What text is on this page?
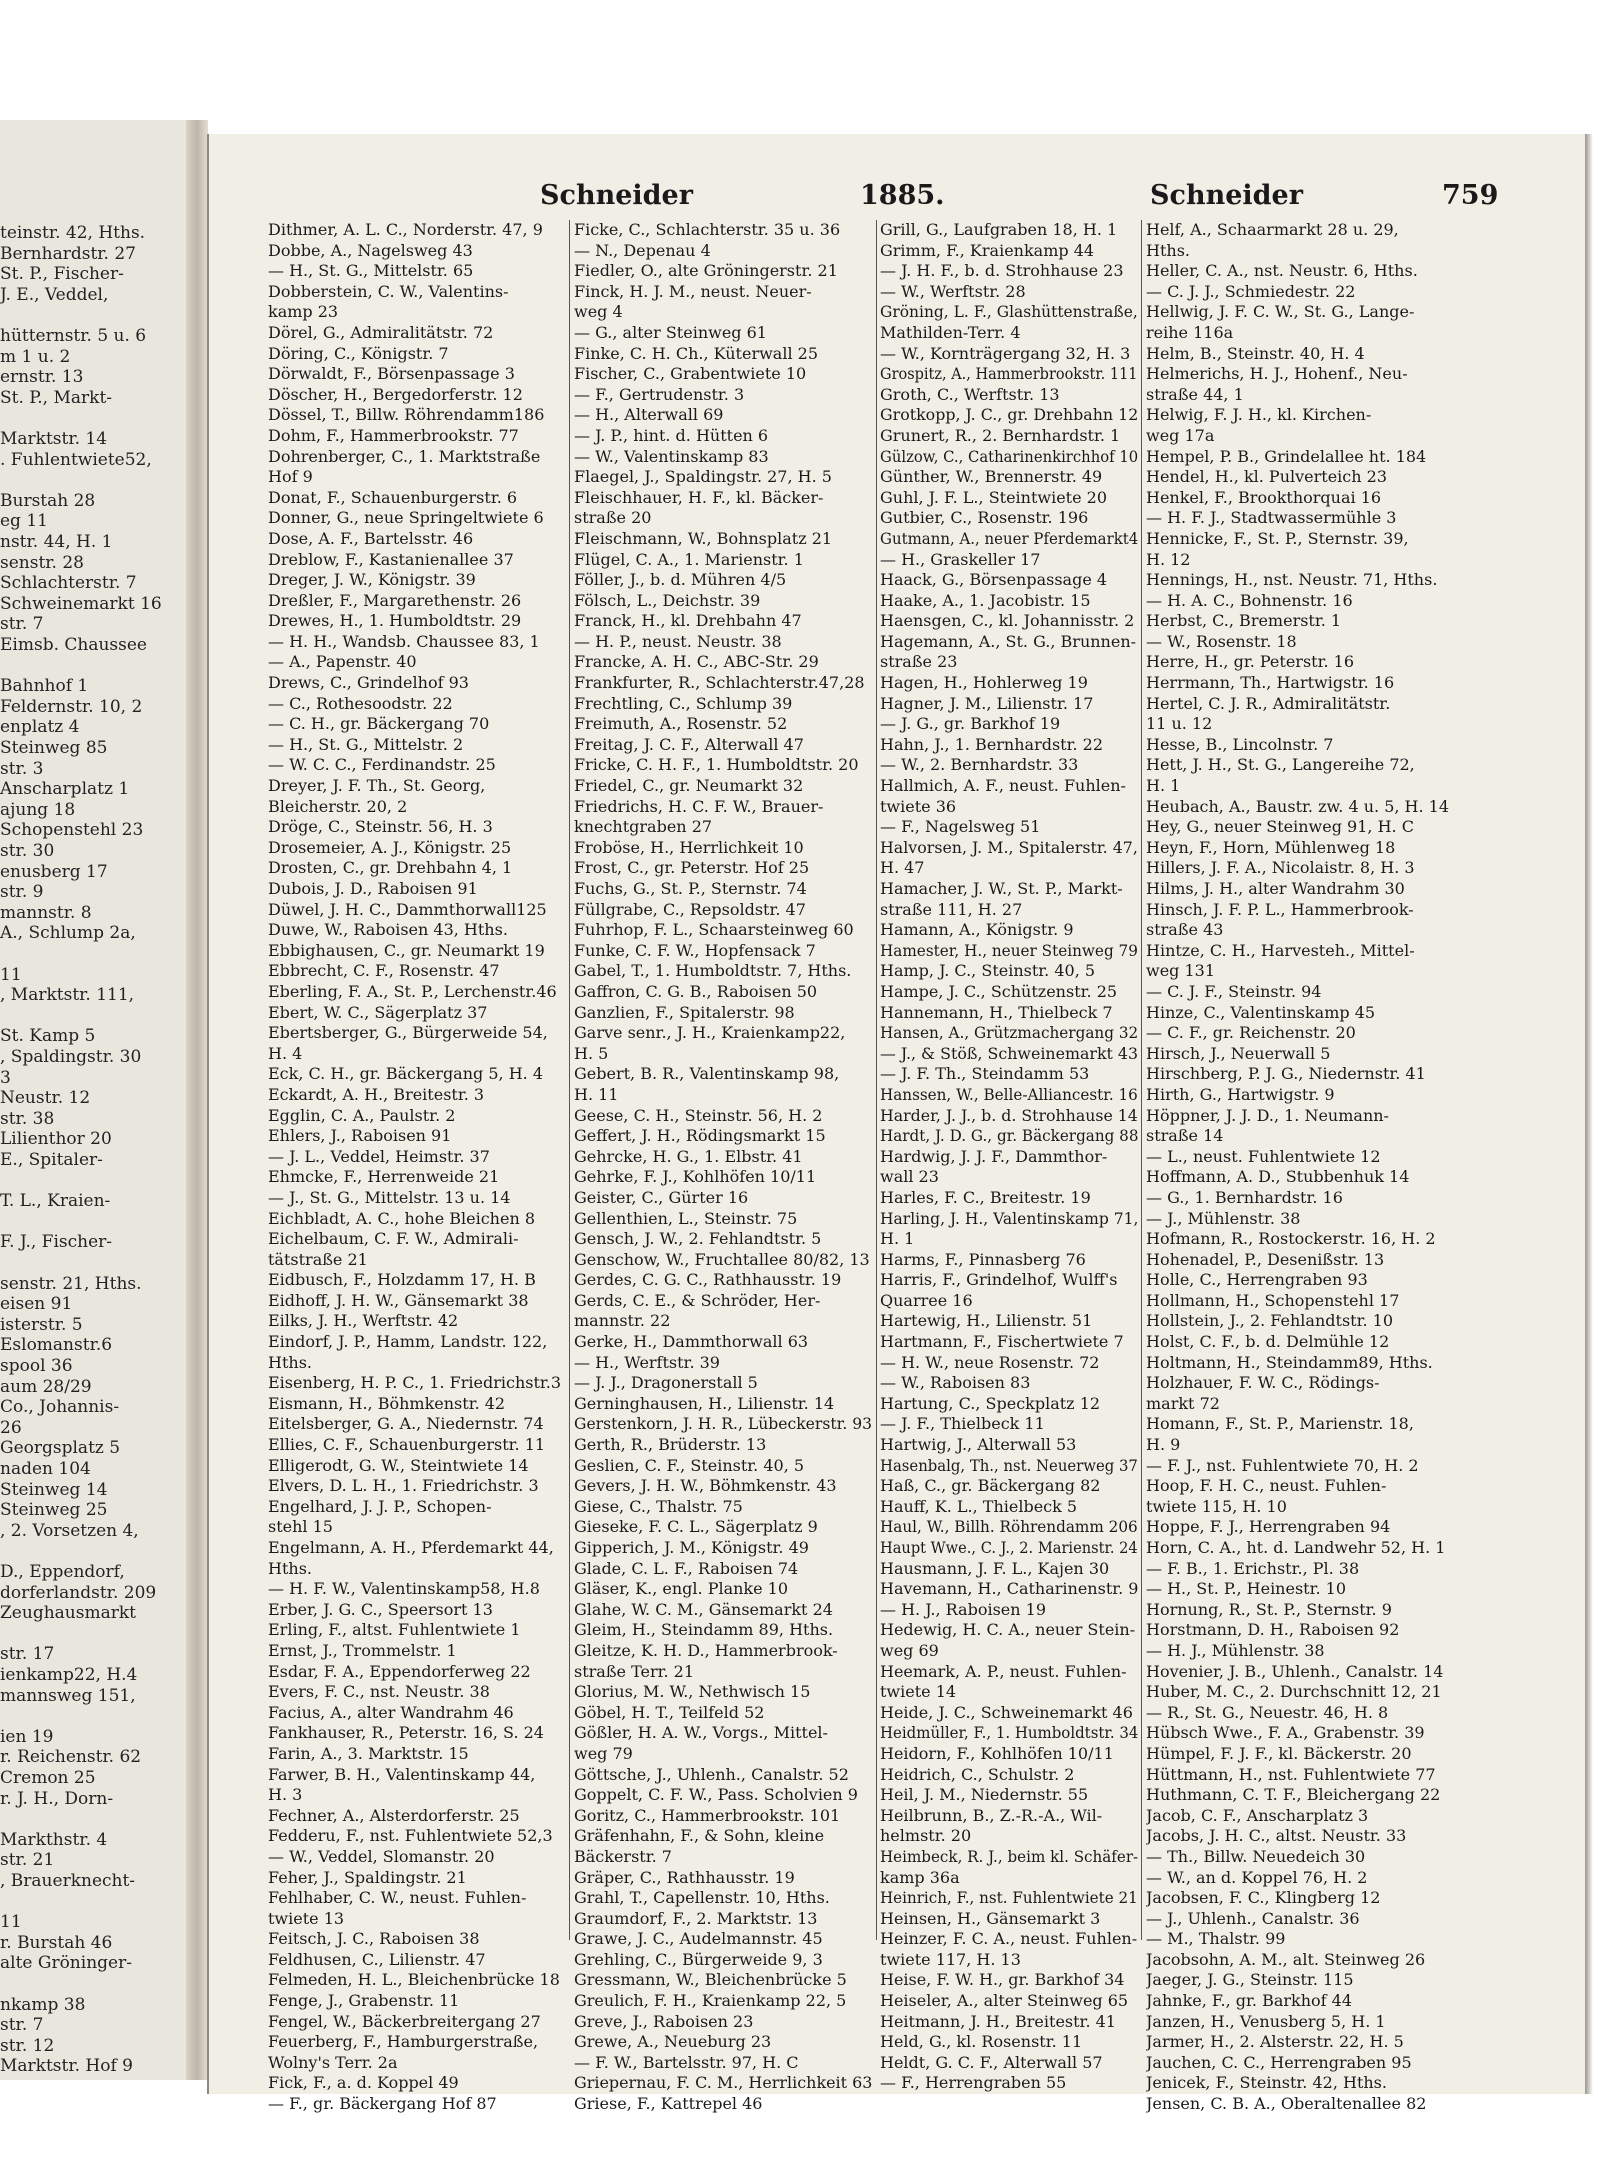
teinstr. 42, Hths.
Bernhardstr. 27
St. P., Fischer-
J. E., Veddel,
hütternstr. 5 u. 6
m 1 u. 2
ernstr. 13
St. P., Markt-
Marktstr. 14
. Fuhlentwiete52,
Burstah 28
eg 11
nstr. 44, H. 1
senstr. 28
Schlachterstr. 7
Schweinemarkt 16
str. 7
Eimsb. Chaussee
Bahnhof 1
Feldernstr. 10, 2
enplatz 4
Steinweg 85
str. 3
Anscharplatz 1
ajung 18
Schopenstehl 23
str. 30
enusberg 17
str. 9
mannstr. 8
A., Schlump 2a,
11
, Marktstr. 111,
St. Kamp 5
, Spaldingstr. 30
3
Neustr. 12
str. 38
Lilienthor 20
E., Spitaler-
T. L., Kraien-
F. J., Fischer-
senstr. 21, Hths.
eisen 91
isterstr. 5
Eslomanstr.6
spool 36
aum 28/29
Co., Johannis-
26
Georgsplatz 5
naden 104
Steinweg 14
Steinweg 25
, 2. Vorsetzen 4,
D., Eppendorf,
dorferlandstr. 209
Zeughausmarkt
str. 17
ienkamp22, H.4
mannsweg 151,
ien 19
r. Reichenstr. 62
Cremon 25
r. J. H., Dorn-
Markthstr. 4
str. 21
, Brauerknecht-
11
r. Burstah 46
alte Gröninger-
nkamp 38
str. 7
str. 12
Marktstr. Hof 9
Schneider	1885.	Schneider	759
Dithmer, A. L. C., Norderstr. 47, 9
Dobbe, A., Nagelsweg 43
— H., St. G., Mittelstr. 65
Dobberstein, C. W., Valentins-
kamp 23
Dörel, G., Admiralitätstr. 72
Döring, C., Königstr. 7
Dörwaldt, F., Börsenpassage 3
Döscher, H., Bergedorferstr. 12
Dössel, T., Billw. Röhrendamm186
Dohm, F., Hammerbrookstr. 77
Dohrenberger, C., 1. Marktstraße
Hof 9
Donat, F., Schauenburgerstr. 6
Donner, G., neue Springeltwiete 6
Dose, A. F., Bartelsstr. 46
Dreblow, F., Kastanienallee 37
Dreger, J. W., Königstr. 39
Dreßler, F., Margarethenstr. 26
Drewes, H., 1. Humboldtstr. 29
— H. H., Wandsb. Chaussee 83, 1
— A., Papenstr. 40
Drews, C., Grindelhof 93
— C., Rothesoodstr. 22
— C. H., gr. Bäckergang 70
— H., St. G., Mittelstr. 2
— W. C. C., Ferdinandstr. 25
Dreyer, J. F. Th., St. Georg,
Bleicherstr. 20, 2
Dröge, C., Steinstr. 56, H. 3
Drosemeier, A. J., Königstr. 25
Drosten, C., gr. Drehbahn 4, 1
Dubois, J. D., Raboisen 91
Düwel, J. H. C., Dammthorwall125
Duwe, W., Raboisen 43, Hths.
Ebbighausen, C., gr. Neumarkt 19
Ebbrecht, C. F., Rosenstr. 47
Eberling, F. A., St. P., Lerchenstr.46
Ebert, W. C., Sägerplatz 37
Ebertsberger, G., Bürgerweide 54,
H. 4
Eck, C. H., gr. Bäckergang 5, H. 4
Eckardt, A. H., Breitestr. 3
Egglin, C. A., Paulstr. 2
Ehlers, J., Raboisen 91
— J. L., Veddel, Heimstr. 37
Ehmcke, F., Herrenweide 21
— J., St. G., Mittelstr. 13 u. 14
Eichbladt, A. C., hohe Bleichen 8
Eichelbaum, C. F. W., Admirali-
tätstraße 21
Eidbusch, F., Holzdamm 17, H. B
Eidhoff, J. H. W., Gänsemarkt 38
Eilks, J. H., Werftstr. 42
Eindorf, J. P., Hamm, Landstr. 122,
Hths.
Eisenberg, H. P. C., 1. Friedrichstr.3
Eismann, H., Böhmkenstr. 42
Eitelsberger, G. A., Niedernstr. 74
Ellies, C. F., Schauenburgerstr. 11
Elligerodt, G. W., Steintwiete 14
Elvers, D. L. H., 1. Friedrichstr. 3
Engelhard, J. J. P., Schopen-
stehl 15
Engelmann, A. H., Pferdemarkt 44,
Hths.
— H. F. W., Valentinskamp58, H.8
Erber, J. G. C., Speersort 13
Erling, F., altst. Fuhlentwiete 1
Ernst, J., Trommelstr. 1
Esdar, F. A., Eppendorferweg 22
Evers, F. C., nst. Neustr. 38
Facius, A., alter Wandrahm 46
Fankhauser, R., Peterstr. 16, S. 24
Farin, A., 3. Marktstr. 15
Farwer, B. H., Valentinskamp 44,
H. 3
Fechner, A., Alsterdorferstr. 25
Fedderu, F., nst. Fuhlentwiete 52,3
— W., Veddel, Slomanstr. 20
Feher, J., Spaldingstr. 21
Fehlhaber, C. W., neust. Fuhlen-
twiete 13
Feitsch, J. C., Raboisen 38
Feldhusen, C., Lilienstr. 47
Felmeden, H. L., Bleichenbrücke 18
Fenge, J., Grabenstr. 11
Fengel, W., Bäckerbreitergang 27
Feuerberg, F., Hamburgerstraße,
Wolny's Terr. 2a
Fick, F., a. d. Koppel 49
— F., gr. Bäckergang Hof 87
Ficke, C., Schlachterstr. 35 u. 36
— N., Depenau 4
Fiedler, O., alte Gröningerstr. 21
Finck, H. J. M., neust. Neuer-
weg 4
— G., alter Steinweg 61
Finke, C. H. Ch., Küterwall 25
Fischer, C., Grabentwiete 10
— F., Gertrudenstr. 3
— H., Alterwall 69
— J. P., hint. d. Hütten 6
— W., Valentinskamp 83
Flaegel, J., Spaldingstr. 27, H. 5
Fleischhauer, H. F., kl. Bäcker-
straße 20
Fleischmann, W., Bohnsplatz 21
Flügel, C. A., 1. Marienstr. 1
Föller, J., b. d. Mühren 4/5
Fölsch, L., Deichstr. 39
Franck, H., kl. Drehbahn 47
— H. P., neust. Neustr. 38
Francke, A. H. C., ABC-Str. 29
Frankfurter, R., Schlachterstr.47,28
Frechtling, C., Schlump 39
Freimuth, A., Rosenstr. 52
Freitag, J. C. F., Alterwall 47
Fricke, C. H. F., 1. Humboldtstr. 20
Friedel, C., gr. Neumarkt 32
Friedrichs, H. C. F. W., Brauer-
knechtgraben 27
Froböse, H., Herrlichkeit 10
Frost, C., gr. Peterstr. Hof 25
Fuchs, G., St. P., Sternstr. 74
Füllgrabe, C., Repsoldstr. 47
Fuhrhop, F. L., Schaarsteinweg 60
Funke, C. F. W., Hopfensack 7
Gabel, T., 1. Humboldtstr. 7, Hths.
Gaffron, C. G. B., Raboisen 50
Ganzlien, F., Spitalerstr. 98
Garve senr., J. H., Kraienkamp22,
H. 5
Gebert, B. R., Valentinskamp 98,
H. 11
Geese, C. H., Steinstr. 56, H. 2
Geffert, J. H., Rödingsmarkt 15
Gehrcke, H. G., 1. Elbstr. 41
Gehrke, F. J., Kohlhöfen 10/11
Geister, C., Gürter 16
Gellenthien, L., Steinstr. 75
Gensch, J. W., 2. Fehlandtstr. 5
Genschow, W., Fruchtallee 80/82, 13
Gerdes, C. G. C., Rathhausstr. 19
Gerds, C. E., & Schröder, Her-
mannstr. 22
Gerke, H., Dammthorwall 63
— H., Werftstr. 39
— J. J., Dragonerstall 5
Gerninghausen, H., Lilienstr. 14
Gerstenkorn, J. H. R., Lübeckerstr. 93
Gerth, R., Brüderstr. 13
Geslien, C. F., Steinstr. 40, 5
Gevers, J. H. W., Böhmkenstr. 43
Giese, C., Thalstr. 75
Gieseke, F. C. L., Sägerplatz 9
Gipperich, J. M., Königstr. 49
Glade, C. L. F., Raboisen 74
Gläser, K., engl. Planke 10
Glahe, W. C. M., Gänsemarkt 24
Gleim, H., Steindamm 89, Hths.
Gleitze, K. H. D., Hammerbrook-
straße Terr. 21
Glorius, M. W., Nethwisch 15
Göbel, H. T., Teilfeld 52
Gößler, H. A. W., Vorgs., Mittel-
weg 79
Göttsche, J., Uhlenh., Canalstr. 52
Goppelt, C. F. W., Pass. Scholvien 9
Goritz, C., Hammerbrookstr. 101
Gräfenhahn, F., & Sohn, kleine
Bäckerstr. 7
Gräper, C., Rathhausstr. 19
Grahl, T., Capellenstr. 10, Hths.
Graumdorf, F., 2. Marktstr. 13
Grawe, J. C., Audelmannstr. 45
Grehling, C., Bürgerweide 9, 3
Gressmann, W., Bleichenbrücke 5
Greulich, F. H., Kraienkamp 22, 5
Greve, J., Raboisen 23
Grewe, A., Neueburg 23
— F. W., Bartelsstr. 97, H. C
Griepernau, F. C. M., Herrlichkeit 63
Griese, F., Kattrepel 46
Grill, G., Laufgraben 18, H. 1
Grimm, F., Kraienkamp 44
— J. H. F., b. d. Strohhause 23
— W., Werftstr. 28
Gröning, L. F., Glashüttenstraße,
Mathilden-Terr. 4
— W., Kornträgergang 32, H. 3
Grospitz, A., Hammerbrookstr. 111
Groth, C., Werftstr. 13
Grotkopp, J. C., gr. Drehbahn 12
Grunert, R., 2. Bernhardstr. 1
Gülzow, C., Catharinenkirchhof 10
Günther, W., Brennerstr. 49
Guhl, J. F. L., Steintwiete 20
Gutbier, C., Rosenstr. 196
Gutmann, A., neuer Pferdemarkt4
— H., Graskeller 17
Haack, G., Börsenpassage 4
Haake, A., 1. Jacobistr. 15
Haensgen, C., kl. Johannisstr. 2
Hagemann, A., St. G., Brunnen-
straße 23
Hagen, H., Hohlerweg 19
Hagner, J. M., Lilienstr. 17
— J. G., gr. Barkhof 19
Hahn, J., 1. Bernhardstr. 22
— W., 2. Bernhardstr. 33
Hallmich, A. F., neust. Fuhlen-
twiete 36
— F., Nagelsweg 51
Halvorsen, J. M., Spitalerstr. 47,
H. 47
Hamacher, J. W., St. P., Markt-
straße 111, H. 27
Hamann, A., Königstr. 9
Hamester, H., neuer Steinweg 79
Hamp, J. C., Steinstr. 40, 5
Hampe, J. C., Schützenstr. 25
Hannemann, H., Thielbeck 7
Hansen, A., Grützmachergang 32
— J., & Stöß, Schweinemarkt 43
— J. F. Th., Steindamm 53
Hanssen, W., Belle-Alliancestr. 16
Harder, J. J., b. d. Strohhause 14
Hardt, J. D. G., gr. Bäckergang 88
Hardwig, J. J. F., Dammthor-
wall 23
Harles, F. C., Breitestr. 19
Harling, J. H., Valentinskamp 71,
H. 1
Harms, F., Pinnasberg 76
Harris, F., Grindelhof, Wulff's
Quarree 16
Hartewig, H., Lilienstr. 51
Hartmann, F., Fischertwiete 7
— H. W., neue Rosenstr. 72
— W., Raboisen 83
Hartung, C., Speckplatz 12
— J. F., Thielbeck 11
Hartwig, J., Alterwall 53
Hasenbalg, Th., nst. Neuerweg 37
Haß, C., gr. Bäckergang 82
Hauff, K. L., Thielbeck 5
Haul, W., Billh. Röhrendamm 206
Haupt Wwe., C. J., 2. Marienstr. 24
Hausmann, J. F. L., Kajen 30
Havemann, H., Catharinenstr. 9
— H. J., Raboisen 19
Hedewig, H. C. A., neuer Stein-
weg 69
Heemark, A. P., neust. Fuhlen-
twiete 14
Heide, J. C., Schweinemarkt 46
Heidmüller, F., 1. Humboldtstr. 34
Heidorn, F., Kohlhöfen 10/11
Heidrich, C., Schulstr. 2
Heil, J. M., Niedernstr. 55
Heilbrunn, B., Z.-R.-A., Wil-
helmstr. 20
Heimbeck, R. J., beim kl. Schäfer-
kamp 36a
Heinrich, F., nst. Fuhlentwiete 21
Heinsen, H., Gänsemarkt 3
Heinzer, F. C. A., neust. Fuhlen-
twiete 117, H. 13
Heise, F. W. H., gr. Barkhof 34
Heiseler, A., alter Steinweg 65
Heitmann, J. H., Breitestr. 41
Held, G., kl. Rosenstr. 11
Heldt, G. C. F., Alterwall 57
— F., Herrengraben 55
Helf, A., Schaarmarkt 28 u. 29,
Hths.
Heller, C. A., nst. Neustr. 6, Hths.
— C. J. J., Schmiedestr. 22
Hellwig, J. F. C. W., St. G., Lange-
reihe 116a
Helm, B., Steinstr. 40, H. 4
Helmerichs, H. J., Hohenf., Neu-
straße 44, 1
Helwig, F. J. H., kl. Kirchen-
weg 17a
Hempel, P. B., Grindelallee ht. 184
Hendel, H., kl. Pulverteich 23
Henkel, F., Brookthorquai 16
— H. F. J., Stadtwassermühle 3
Hennicke, F., St. P., Sternstr. 39,
H. 12
Hennings, H., nst. Neustr. 71, Hths.
— H. A. C., Bohnenstr. 16
Herbst, C., Bremerstr. 1
— W., Rosenstr. 18
Herre, H., gr. Peterstr. 16
Herrmann, Th., Hartwigstr. 16
Hertel, C. J. R., Admiralitätstr.
11 u. 12
Hesse, B., Lincolnstr. 7
Hett, J. H., St. G., Langereihe 72,
H. 1
Heubach, A., Baustr. zw. 4 u. 5, H. 14
Hey, G., neuer Steinweg 91, H. C
Heyn, F., Horn, Mühlenweg 18
Hillers, J. F. A., Nicolaistr. 8, H. 3
Hilms, J. H., alter Wandrahm 30
Hinsch, J. F. P. L., Hammerbrook-
straße 43
Hintze, C. H., Harvesteh., Mittel-
weg 131
— C. J. F., Steinstr. 94
Hinze, C., Valentinskamp 45
— C. F., gr. Reichenstr. 20
Hirsch, J., Neuerwall 5
Hirschberg, P. J. G., Niedernstr. 41
Hirth, G., Hartwigstr. 9
Höppner, J. J. D., 1. Neumann-
straße 14
— L., neust. Fuhlentwiete 12
Hoffmann, A. D., Stubbenhuk 14
— G., 1. Bernhardstr. 16
— J., Mühlenstr. 38
Hofmann, R., Rostockerstr. 16, H. 2
Hohenadel, P., Desenißstr. 13
Holle, C., Herrengraben 93
Hollmann, H., Schopenstehl 17
Hollstein, J., 2. Fehlandtstr. 10
Holst, C. F., b. d. Delmühle 12
Holtmann, H., Steindamm89, Hths.
Holzhauer, F. W. C., Rödings-
markt 72
Homann, F., St. P., Marienstr. 18,
H. 9
— F. J., nst. Fuhlentwiete 70, H. 2
Hoop, F. H. C., neust. Fuhlen-
twiete 115, H. 10
Hoppe, F. J., Herrengraben 94
Horn, C. A., ht. d. Landwehr 52, H. 1
— F. B., 1. Erichstr., Pl. 38
— H., St. P., Heinestr. 10
Hornung, R., St. P., Sternstr. 9
Horstmann, D. H., Raboisen 92
— H. J., Mühlenstr. 38
Hovenier, J. B., Uhlenh., Canalstr. 14
Huber, M. C., 2. Durchschnitt 12, 21
— R., St. G., Neuestr. 46, H. 8
Hübsch Wwe., F. A., Grabenstr. 39
Hümpel, F. J. F., kl. Bäckerstr. 20
Hüttmann, H., nst. Fuhlentwiete 77
Huthmann, C. T. F., Bleichergang 22
Jacob, C. F., Anscharplatz 3
Jacobs, J. H. C., altst. Neustr. 33
— Th., Billw. Neuedeich 30
— W., an d. Koppel 76, H. 2
Jacobsen, F. C., Klingberg 12
— J., Uhlenh., Canalstr. 36
— M., Thalstr. 99
Jacobsohn, A. M., alt. Steinweg 26
Jaeger, J. G., Steinstr. 115
Jahnke, F., gr. Barkhof 44
Janzen, H., Venusberg 5, H. 1
Jarmer, H., 2. Alsterstr. 22, H. 5
Jauchen, C. C., Herrengraben 95
Jenicek, F., Steinstr. 42, Hths.
Jensen, C. B. A., Oberaltenallee 82
